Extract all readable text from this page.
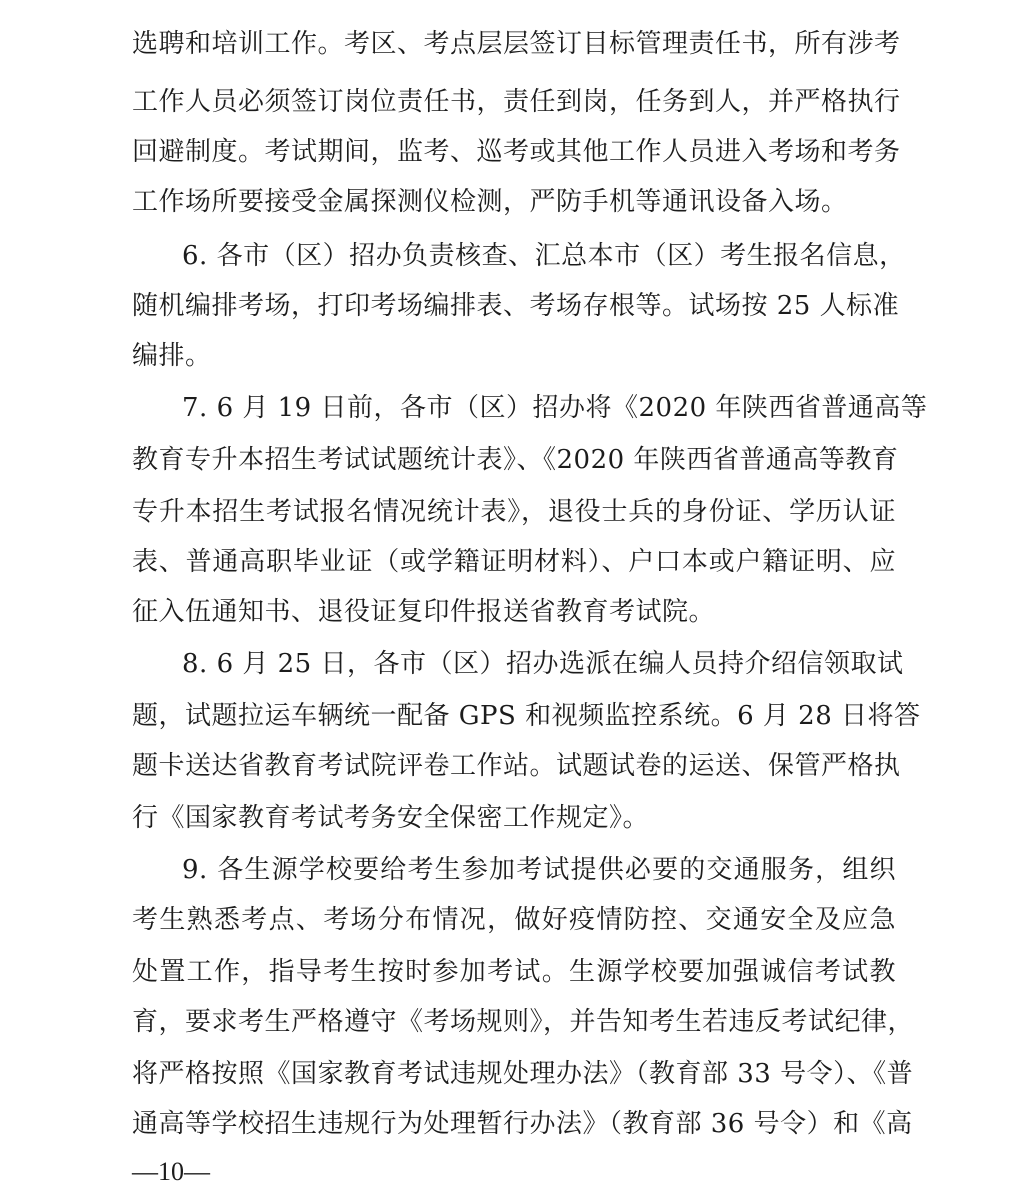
选聘和培训工作。考区、考点层层签订目标管理责任书，所有涉考
工作人员必须签订岗位责任书，责任到岗，任务到人，并严格执行
回避制度。考试期间，监考、巡考或其他工作人员进入考场和考务
工作场所要接受金属探测仪检测，严防手机等通讯设备入场。
6. 各市（区）招办负责核查、汇总本市（区）考生报名信息，
随机编排考场，打印考场编排表、考场存根等。试场按 25 人标准
编排。
7. 6 月 19 日前，各市（区）招办将《2020 年陕西省普通高等
教育专升本招生考试试题统计表》、《2020 年陕西省普通高等教育
专升本招生考试报名情况统计表》，退役士兵的身份证、学历认证
表、普通高职毕业证（或学籍证明材料）、户口本或户籍证明、应
征入伍通知书、退役证复印件报送省教育考试院。
8. 6 月 25 日，各市（区）招办选派在编人员持介绍信领取试
题，试题拉运车辆统一配备 GPS 和视频监控系统。6 月 28 日将答
题卡送达省教育考试院评卷工作站。试题试卷的运送、保管严格执
行《国家教育考试考务安全保密工作规定》。
9. 各生源学校要给考生参加考试提供必要的交通服务，组织
考生熟悉考点、考场分布情况，做好疫情防控、交通安全及应急
处置工作，指导考生按时参加考试。生源学校要加强诚信考试教
育，要求考生严格遵守《考场规则》，并告知考生若违反考试纪律，
将严格按照《国家教育考试违规处理办法》（教育部 33 号令）、《普
通高等学校招生违规行为处理暂行办法》（教育部 36 号令）和《高
—10—
